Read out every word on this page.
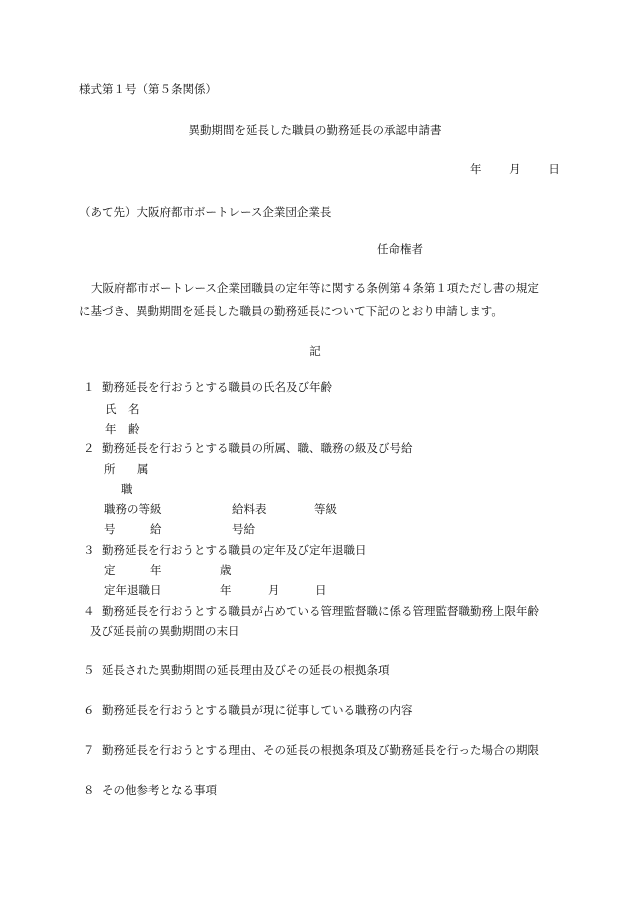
様式第１号（第５条関係）
異動期間を延長した職員の勤務延長の承認申請書
年 月 日
（あて先）大阪府都市ボートレース企業団企業長
任命権者
大阪府都市ボートレース企業団職員の定年等に関する条例第４条第１項ただし書の規定
に基づき、異動期間を延長した職員の勤務延長について下記のとおり申請します。
記
１ 勤務延長を行おうとする職員の氏名及び年齢
氏　名
年　齢
２ 勤務延長を行おうとする職員の所属、職、職務の級及び号給
所 属
職
職務の等級	給料表	等級
号	給	号給
３ 勤務延長を行おうとする職員の定年及び定年退職日
定	年	歳
定年退職日	年	月	日
４ 勤務延長を行おうとする職員が占めている管理監督職に係る管理監督職勤務上限年齢
及び延長前の異動期間の末日
５ 延長された異動期間の延長理由及びその延長の根拠条項
６ 勤務延長を行おうとする職員が現に従事している職務の内容
７ 勤務延長を行おうとする理由、その延長の根拠条項及び勤務延長を行った場合の期限
８ その他参考となる事項
